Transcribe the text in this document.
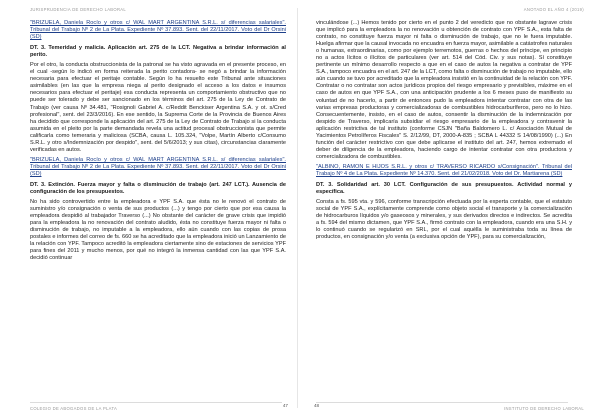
JURISPRUDENCIA DE DERECHO LABORAL

"BRIZUELA, Daniela Rocío y otros c/ WAL MART ARGENTINA S.R.L. s/ diferencias salariales". Tribunal del Trabajo Nº 2 de La Plata. Expediente Nº 37.893. Sent. del 22/11/2017. Voto del Dr Orsini (SD)

DT. 3. Temeridad y malicia. Aplicación art. 275 de la LCT. Negativa a brindar información al perito.

Por el otro, la conducta obstruccionista de la patronal se ha visto agravada en el presente proceso, en el cual -según lo indicó en forma reiterada la perito contadora- se negó a brindar la información necesaria para efectuar el peritaje contable. Según lo ha resuelto este Tribunal ante situaciones asimilables (en las que la empresa niega al perito designado el acceso a los datos e insumos necesarios para efectuar el peritaje) esa conducta representa un comportamiento obstructivo que no puede ser tolerado y debe ser sancionado en los términos del art. 275 de la Ley de Contrato de Trabajo (ver causa Nº 34.481, "Rosignoli Gabriel A. c/Reddit Benckiser Argentina S.A. y ot. s/Cred profesional", sent. del 23/3/2016). En ese sentido, la Suprema Corte de la Provincia de Buenos Aires ha decidido que corresponde la aplicación del art. 275 de la Ley de Contrato de Trabajo si la conducta asumida en el pleito por la parte demandada revela una actitud procesal obstruccionista que permite calificarla como temeraria y maliciosa (SCBA, causa L. 105.324, "Volpe, Martín Alberto c/Consumo S.R.L. y otro s/Indemnización por despido", sent. del 5/6/2013; y sus citas), circunstancias claramente verificadas en autos.

"BRIZUELA, Daniela Rocío y otros c/ WAL MART ARGENTINA S.R.L. s/ diferencias salariales". Tribunal del Trabajo Nº 2 de La Plata. Expediente Nº 37.893. Sent. del 22/11/2017. Voto del Dr Orsini (SD)

DT. 3. Extinción. Fuerza mayor y falta o disminución de trabajo (art. 247 LCT.). Ausencia de configuración de los presupuestos.

No ha sido controvertido entre la empleadora e YPF S.A. que ésta no le renovó el contrato de suministro y/o consignación o venta de sus productos (...) y tengo por cierto que por esa causa la empleadora despidió al trabajador Traverso (...) No obstante del carácter de grave crisis que impidió para la empleadora la no renovación del contrato aludido, ésta no constituye fuerza mayor ni falta o disminución de trabajo, no imputable a la empleadora, ello aún cuando con las copias de prosa postales e informes del correo de fs. 660 se ha acreditado que la empleadora inició un Lanzamiento de la relación con YPF. Tampoco acreditó la empleadora ciertamente sino de estaciones de servicios YPF para fines del 2011 y mucho menos, por qué no integró la inmensa cantidad con las que YPF S.A. decidió continuar

47
COLEGIO DE ABOGADOS DE LA PLATA
ANOTADO EL AÑO 4 (2019)

vinculándose (...) Hemos tenido por cierto en el punto 2 del veredicto que no obstante lagrave crisis que implicó para la empleadora la no renovación u obtención de contrato con YPF S.A., esta falta de contrato, no constituye fuerza mayor ni falta o disminución de trabajo, que no le fuera imputable. Huelga afirmar que la causal invocada no encuadra en fuerza mayor, asimilable a catástrofes naturales o humanas, extraordinarias, como por ejemplo terremotos, guerras o hechos del príncipe, en principio no a actos lícitos o ilícitos de particulares (ver art. 514 del Cód. Civ. y sus notas). Sí constituye pertinente un mínimo desarrollo respecto a que en el caso de autos la negativa a contratar de YPF S.A., tampoco encuadra en el art. 247 de la LCT, como falta o disminución de trabajo no imputable, ello aún cuando se tuvo por acreditado que la empleadora insistió en la continuidad de la relación con YPF. Contratar o no contratar son actos jurídicos propios del riesgo empresario y previsibles, máxime en el caso de autos en que YPF S.A., con una anticipación prudente a los 6 meses puso de manifiesto su voluntad de no hacerlo, a partir de entonces pudo la empleadora intentar contratar con otra de las varias empresas productoras y comercializadoras de combustibles hidrocarburíferos, pero no lo hizo. Consecuentemente, insisto, en el caso de autos, consentir la disminución de la indemnización por despido de Traverso, implicaría subsidiar el riesgo empresario de la empleadora y contravenir la aplicación restrictiva de tal instituto (conforme CSJN "Baña Baldomero L. c/ Asociación Mutual de Yacimientos Petrolíferos Fiscales" S. 2/12/99, DT, 2000-A-835 ; SCBA L 44332 S 14/08/1990) (...) En función del carácter restrictivo con que debe aplicarse el instituto del art. 247, hemos extremado el deber de diligencia de la empleadora, haciendo cargo de intentar contratar con otra productora y comercializadora de combustibles.

"ALBINO, RAMON E HIJOS S.R.L. y otros c/ TRAVERSO RICARDO s/Consignación". Tribunal del Trabajo Nº 4 de La Plata. Expediente Nº 14.370. Sent. del 21/02/2018. Voto del Dr. Martiarena (SD)

DT. 3. Solidaridad art. 30 LCT. Configuración de sus presupuestos. Actividad normal y específica.

Consta a fs. 595 vta. y 596, conforme transcripción efectuada por la experta contable, que el estatuto social de YPF S.A., explícitamente comprende como objeto social el transporte y la comercialización de hidrocarburos líquidos y/o gaseosos y minerales, y sus derivados directos e indirectos. Se acredita a fs. 594 del mismo dictamen, que YPF S.A., firmó contrato con la empleadora, cuando era una S.H. y lo continuó cuando se regularizó en SRL, por el cual aquélla le suministraba toda su línea de productos, en consignación y/o venta (a exclusiva opción de YPF), para su comercialización,

48
INSTITUTO DE DERECHO LABORAL
